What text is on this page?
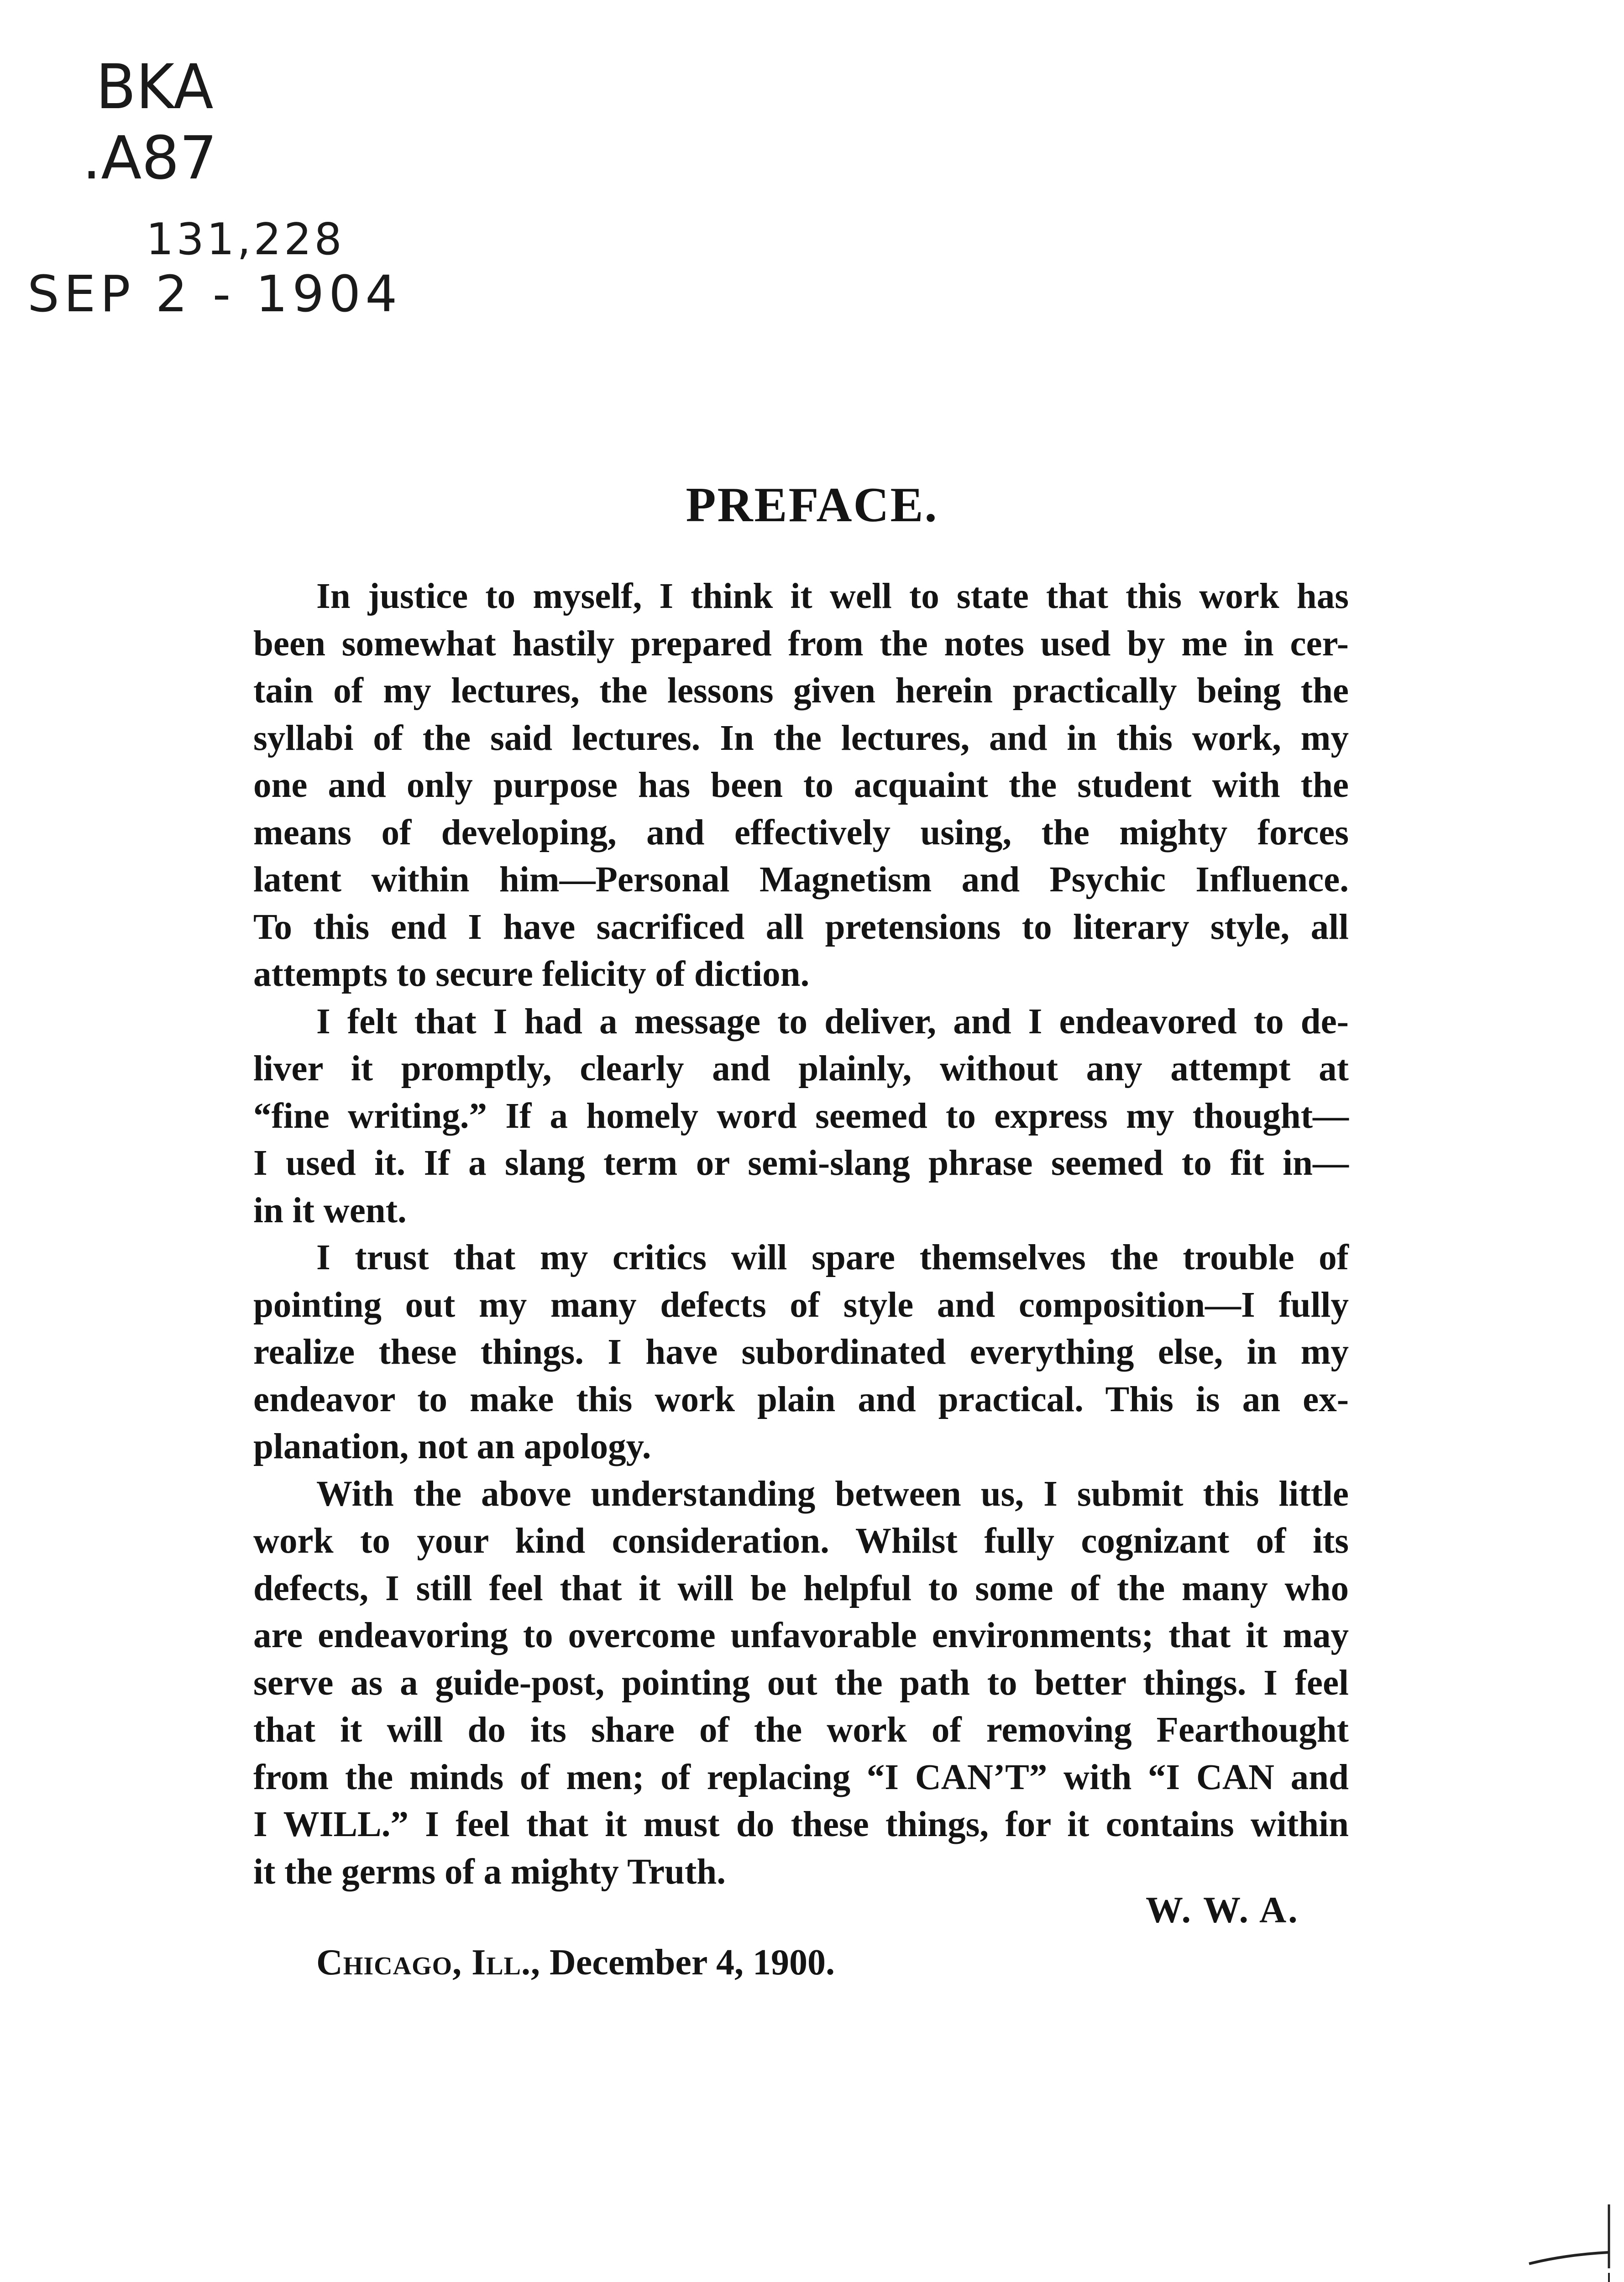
BKA
.A87
131,228
SEP 2 - 1904
PREFACE.
In justice to myself, I think it well to state that this work has
been somewhat hastily prepared from the notes used by me in cer-
tain of my lectures, the lessons given herein practically being the
syllabi of the said lectures. In the lectures, and in this work, my
one and only purpose has been to acquaint the student with the
means of developing, and effectively using, the mighty forces
latent within him—Personal Magnetism and Psychic Influence.
To this end I have sacrificed all pretensions to literary style, all
attempts to secure felicity of diction.
I felt that I had a message to deliver, and I endeavored to de-
liver it promptly, clearly and plainly, without any attempt at
“fine writing.” If a homely word seemed to express my thought—
I used it. If a slang term or semi-slang phrase seemed to fit in—
in it went.
I trust that my critics will spare themselves the trouble of
pointing out my many defects of style and composition—I fully
realize these things. I have subordinated everything else, in my
endeavor to make this work plain and practical. This is an ex-
planation, not an apology.
With the above understanding between us, I submit this little
work to your kind consideration. Whilst fully cognizant of its
defects, I still feel that it will be helpful to some of the many who
are endeavoring to overcome unfavorable environments; that it may
serve as a guide-post, pointing out the path to better things. I feel
that it will do its share of the work of removing Fearthought
from the minds of men; of replacing “I CAN’T” with “I CAN and
I WILL.” I feel that it must do these things, for it contains within
it the germs of a mighty Truth.
W. W. A.
Chicago, Ill., December 4, 1900.
